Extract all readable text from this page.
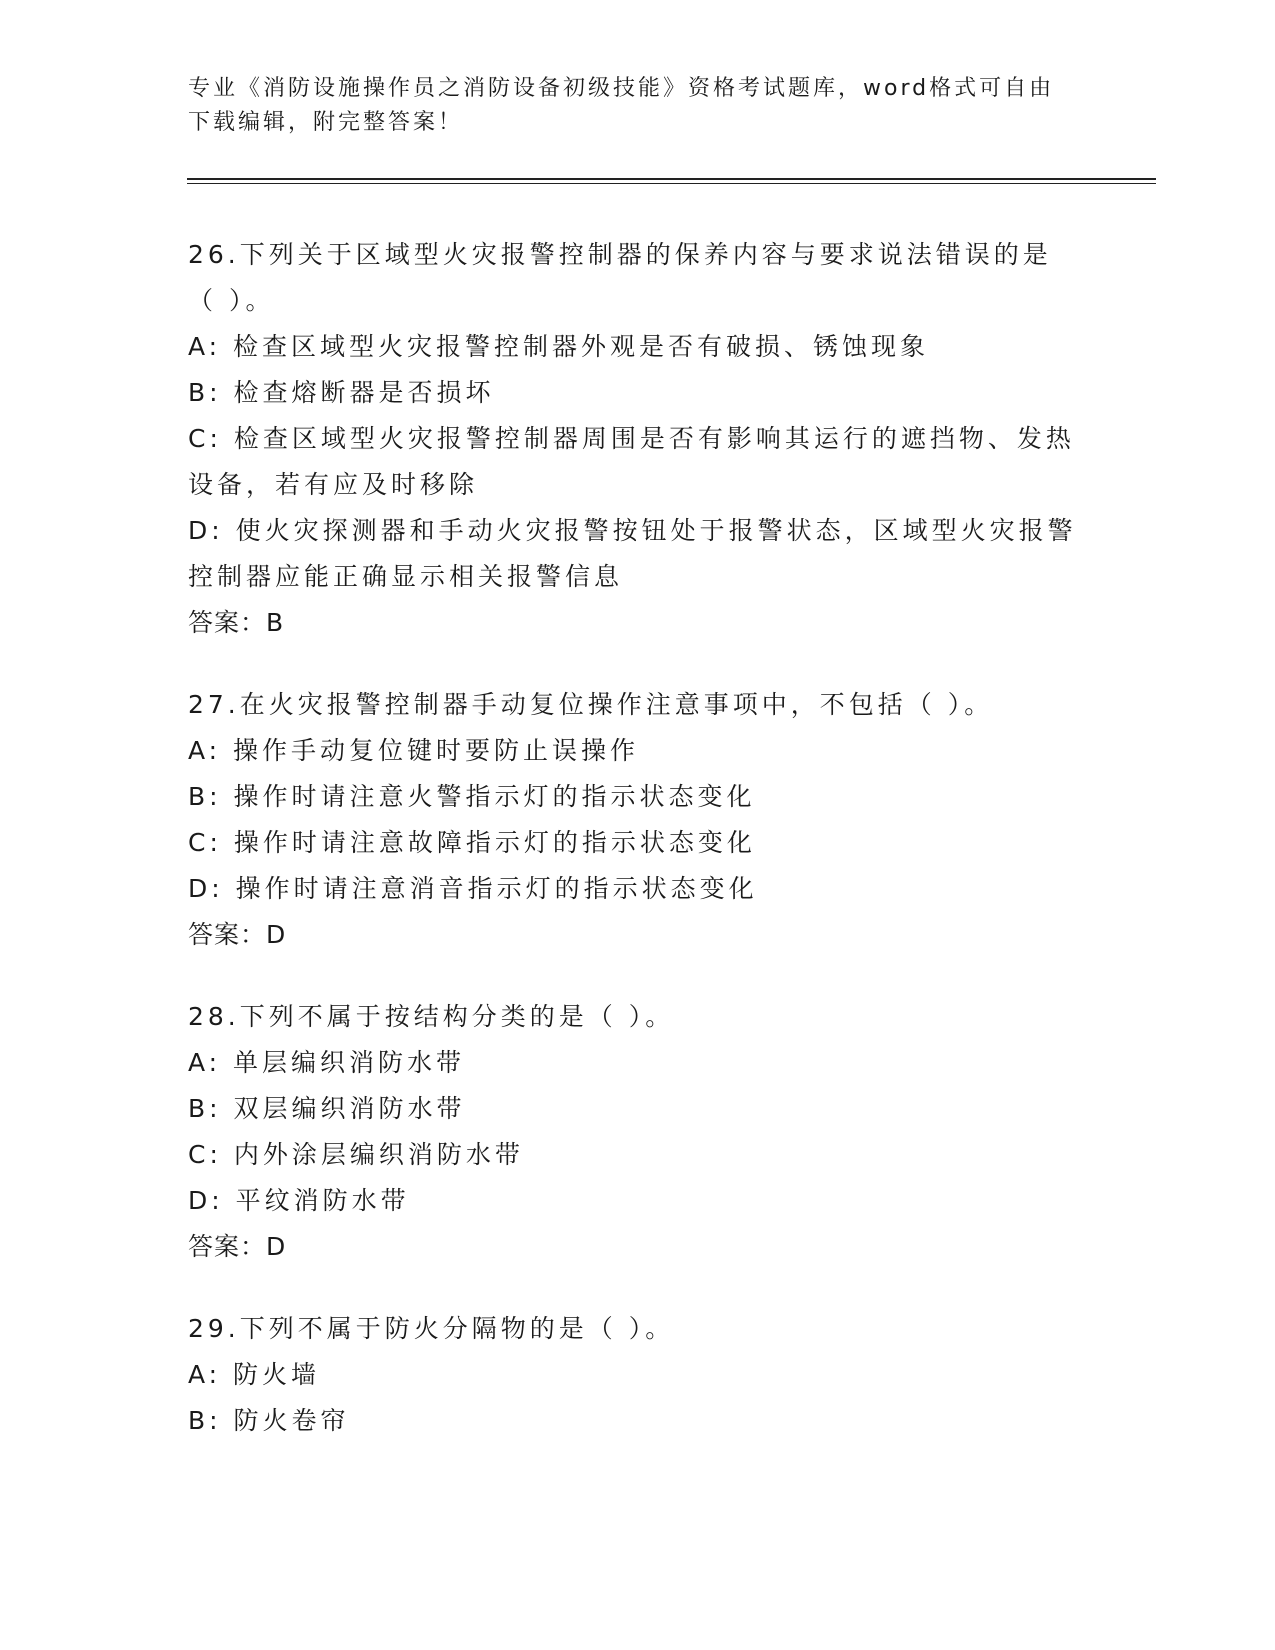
专业《消防设施操作员之消防设备初级技能》资格考试题库，word格式可自由下载编辑，附完整答案！
26.下列关于区域型火灾报警控制器的保养内容与要求说法错误的是（ ）。
A: 检查区域型火灾报警控制器外观是否有破损、锈蚀现象
B: 检查熔断器是否损坏
C: 检查区域型火灾报警控制器周围是否有影响其运行的遮挡物、发热设备，若有应及时移除
D: 使火灾探测器和手动火灾报警按钮处于报警状态，区域型火灾报警控制器应能正确显示相关报警信息
答案：B
27.在火灾报警控制器手动复位操作注意事项中，不包括（ ）。
A: 操作手动复位键时要防止误操作
B: 操作时请注意火警指示灯的指示状态变化
C: 操作时请注意故障指示灯的指示状态变化
D: 操作时请注意消音指示灯的指示状态变化
答案：D
28.下列不属于按结构分类的是（ ）。
A: 单层编织消防水带
B: 双层编织消防水带
C: 内外涂层编织消防水带
D: 平纹消防水带
答案：D
29.下列不属于防火分隔物的是（ ）。
A: 防火墙
B: 防火卷帘
